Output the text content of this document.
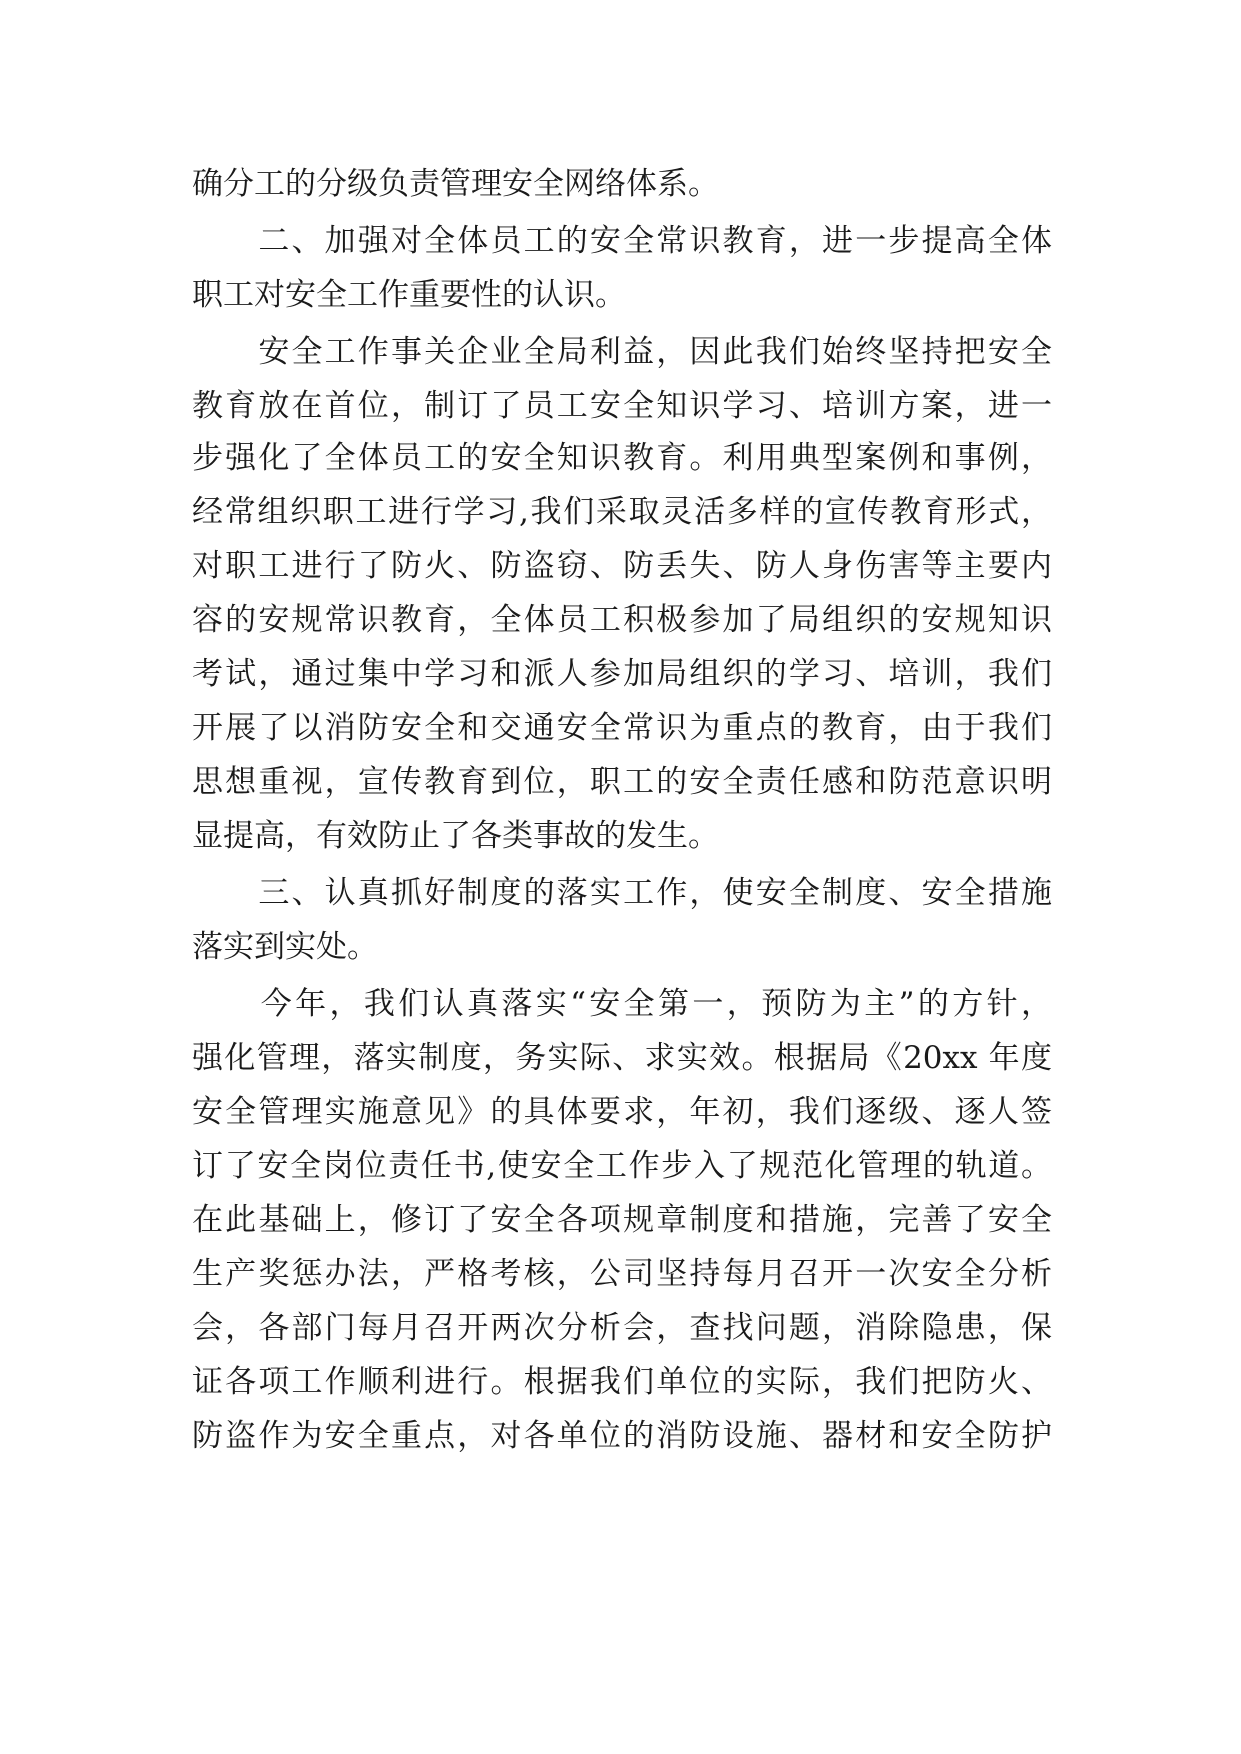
确分工的分级负责管理安全网络体系。
　　二、加强对全体员工的安全常识教育，进一步提高全体
职工对安全工作重要性的认识。
　　安全工作事关企业全局利益，因此我们始终坚持把安全
教育放在首位，制订了员工安全知识学习、培训方案，进一
步强化了全体员工的安全知识教育。利用典型案例和事例，
经常组织职工进行学习,我们采取灵活多样的宣传教育形式，
对职工进行了防火、防盗窃、防丢失、防人身伤害等主要内
容的安规常识教育，全体员工积极参加了局组织的安规知识
考试，通过集中学习和派人参加局组织的学习、培训，我们
开展了以消防安全和交通安全常识为重点的教育，由于我们
思想重视，宣传教育到位，职工的安全责任感和防范意识明
显提高，有效防止了各类事故的发生。
　　三、认真抓好制度的落实工作，使安全制度、安全措施
落实到实处。
　　今年，我们认真落实“安全第一，预防为主”的方针，
强化管理，落实制度，务实际、求实效。根据局《20xx 年度
安全管理实施意见》的具体要求，年初，我们逐级、逐人签
订了安全岗位责任书,使安全工作步入了规范化管理的轨道。
在此基础上，修订了安全各项规章制度和措施，完善了安全
生产奖惩办法，严格考核，公司坚持每月召开一次安全分析
会，各部门每月召开两次分析会，查找问题，消除隐患，保
证各项工作顺利进行。根据我们单位的实际，我们把防火、
防盗作为安全重点，对各单位的消防设施、器材和安全防护
